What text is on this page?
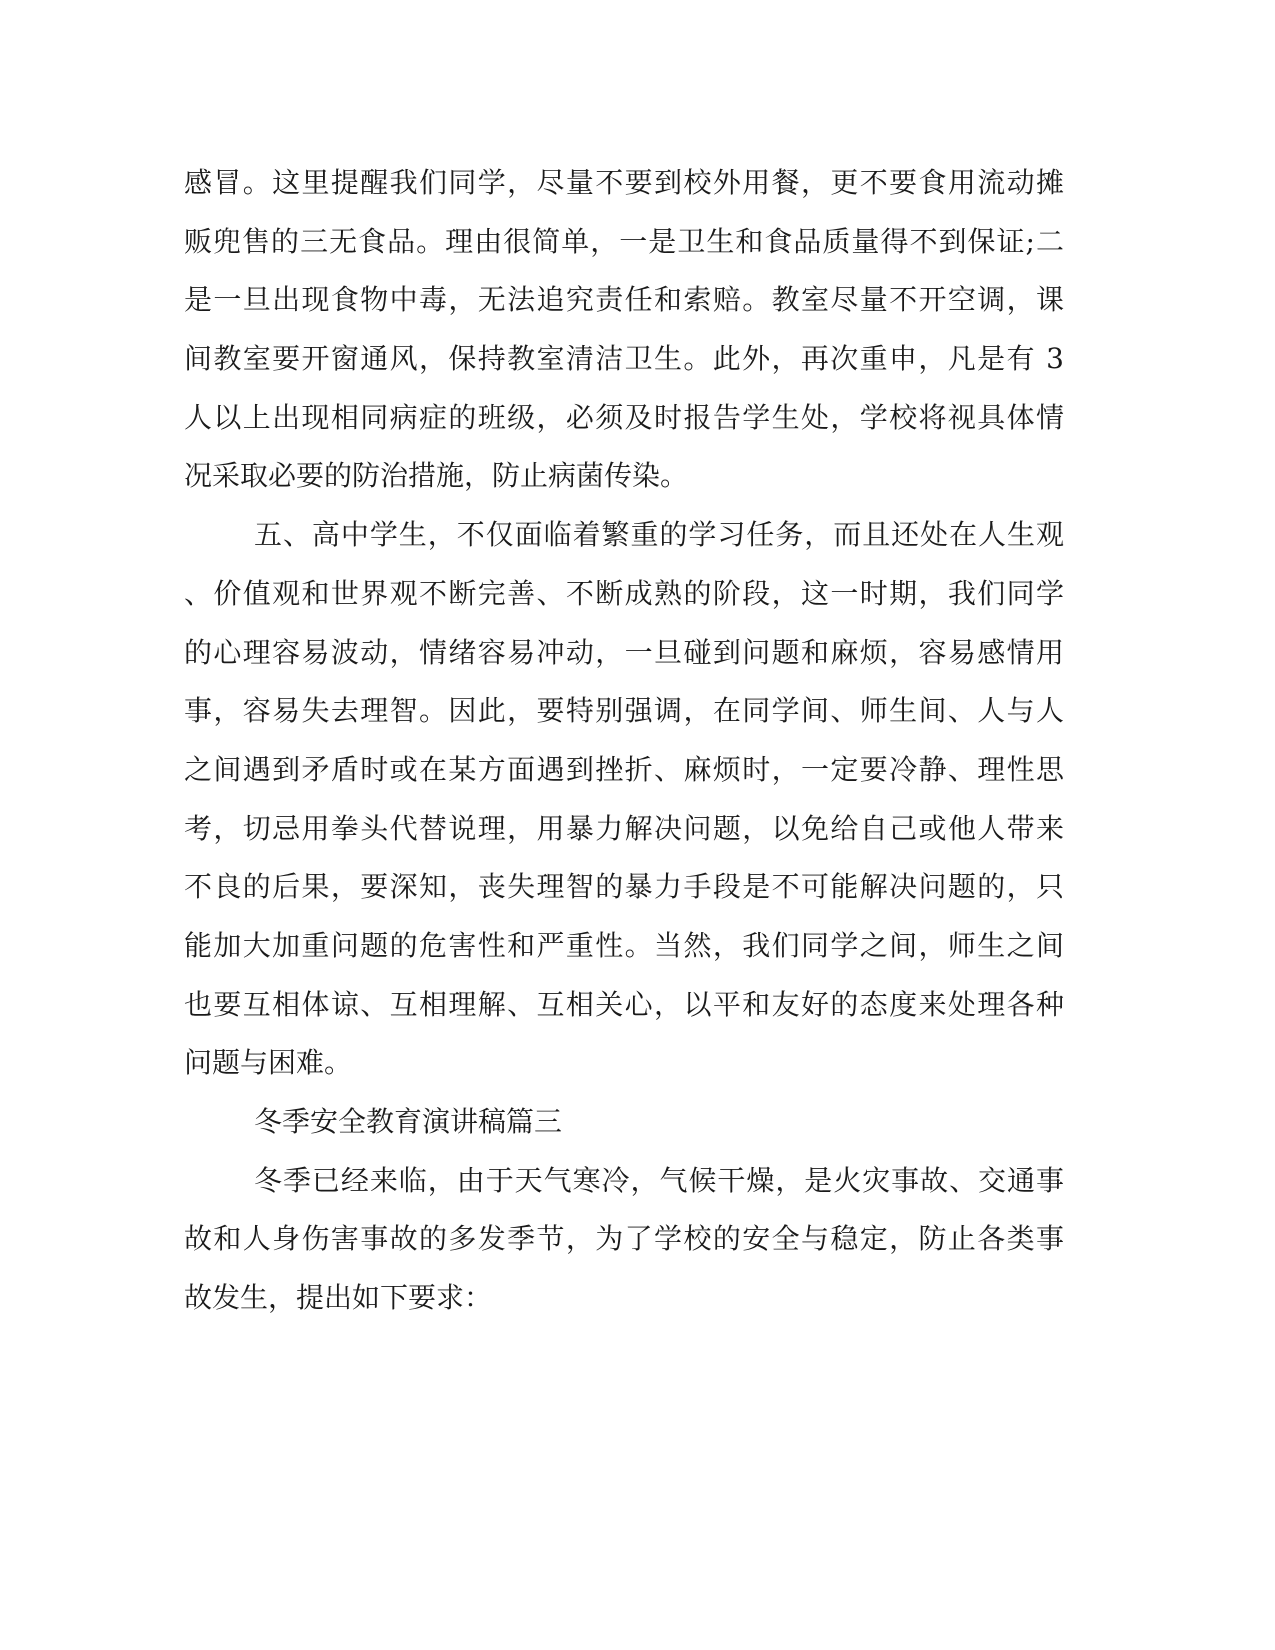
感冒。这里提醒我们同学，尽量不要到校外用餐，更不要食用流动摊
贩兜售的三无食品。理由很简单，一是卫生和食品质量得不到保证;二
是一旦出现食物中毒，无法追究责任和索赔。教室尽量不开空调，课
间教室要开窗通风，保持教室清洁卫生。此外，再次重申，凡是有 3
人以上出现相同病症的班级，必须及时报告学生处，学校将视具体情
况采取必要的防治措施，防止病菌传染。
五、高中学生，不仅面临着繁重的学习任务，而且还处在人生观
、价值观和世界观不断完善、不断成熟的阶段，这一时期，我们同学
的心理容易波动，情绪容易冲动，一旦碰到问题和麻烦，容易感情用
事，容易失去理智。因此，要特别强调，在同学间、师生间、人与人
之间遇到矛盾时或在某方面遇到挫折、麻烦时，一定要冷静、理性思
考，切忌用拳头代替说理，用暴力解决问题，以免给自己或他人带来
不良的后果，要深知，丧失理智的暴力手段是不可能解决问题的，只
能加大加重问题的危害性和严重性。当然，我们同学之间，师生之间
也要互相体谅、互相理解、互相关心，以平和友好的态度来处理各种
问题与困难。
冬季安全教育演讲稿篇三
冬季已经来临，由于天气寒冷，气候干燥，是火灾事故、交通事
故和人身伤害事故的多发季节，为了学校的安全与稳定，防止各类事
故发生，提出如下要求：
